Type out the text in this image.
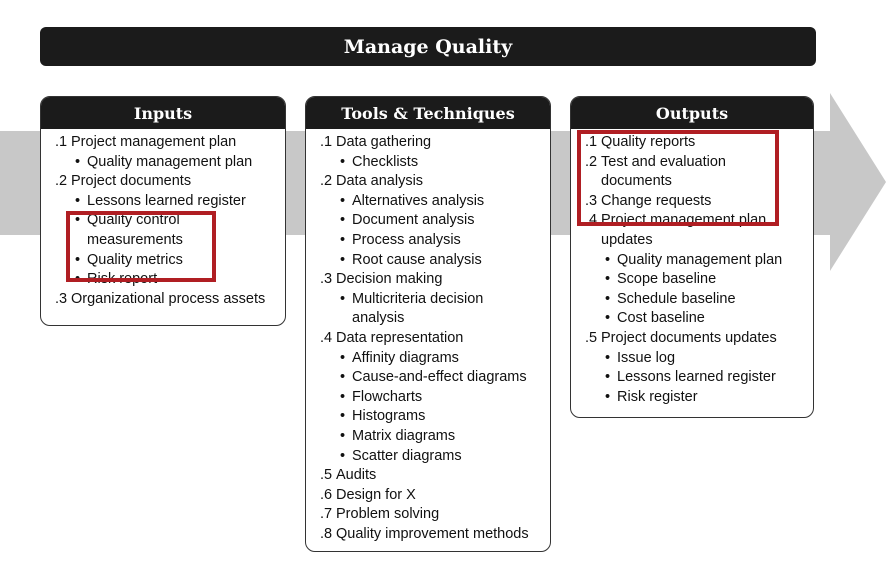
Manage Quality
Inputs
.1 Project management plan
• Quality management plan
.2 Project documents
• Lessons learned register
• Quality control
measurements
• Quality metrics
• Risk report
.3 Organizational process assets
Tools & Techniques
.1 Data gathering
• Checklists
.2 Data analysis
• Alternatives analysis
• Document analysis
• Process analysis
• Root cause analysis
.3 Decision making
• Multicriteria decision
analysis
.4 Data representation
• Affinity diagrams
• Cause-and-effect diagrams
• Flowcharts
• Histograms
• Matrix diagrams
• Scatter diagrams
.5 Audits
.6 Design for X
.7 Problem solving
.8 Quality improvement methods
Outputs
.1 Quality reports
.2 Test and evaluation
documents
.3 Change requests
.4 Project management plan
updates
• Quality management plan
• Scope baseline
• Schedule baseline
• Cost baseline
.5 Project documents updates
• Issue log
• Lessons learned register
• Risk register
